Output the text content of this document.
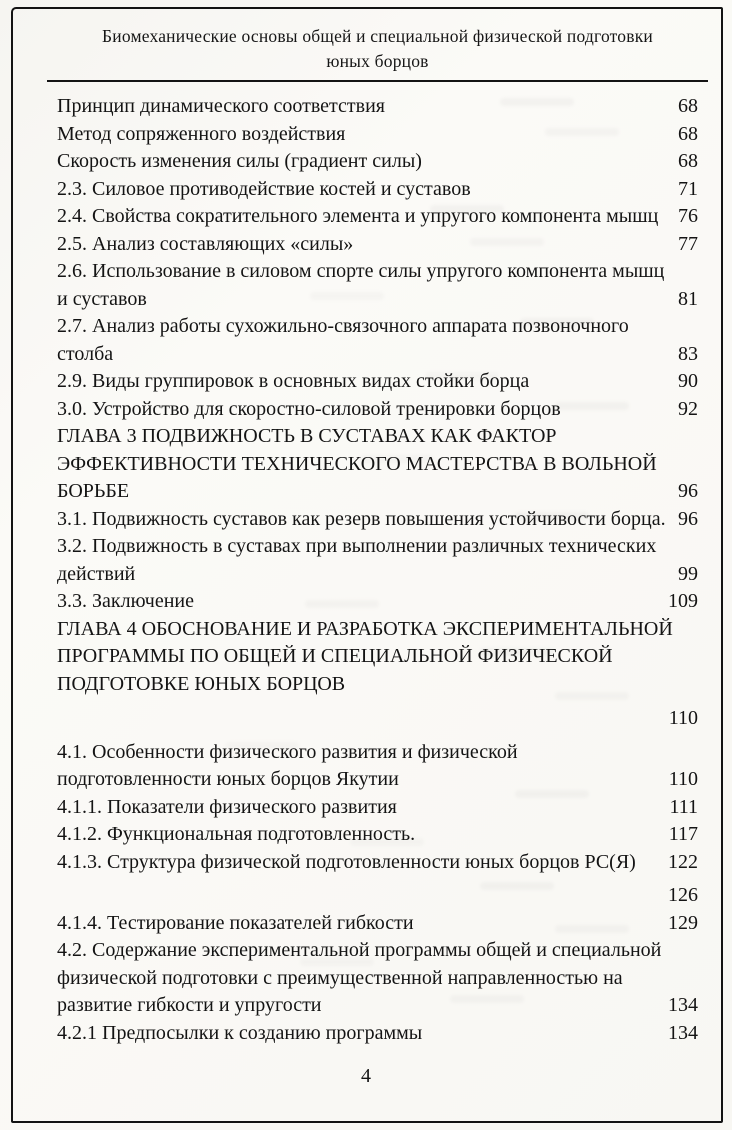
Биомеханические основы общей и специальной физической подготовки
юных борцов
Принцип динамического соответствия	68
Метод сопряженного воздействия	68
Скорость изменения силы (градиент силы)	68
2.3. Силовое противодействие костей и суставов	71
2.4. Свойства сократительного элемента и упругого компонента мышц 76
2.5. Анализ составляющих «силы»	77
2.6. Использование в силовом спорте силы упругого компонента мышц и суставов	81
2.7. Анализ работы сухожильно-связочного аппарата позвоночного столба	83
2.9. Виды группировок в основных видах стойки борца	90
3.0. Устройство для скоростно-силовой тренировки борцов	92
ГЛАВА 3 ПОДВИЖНОСТЬ В СУСТАВАХ КАК ФАКТОР ЭФФЕКТИВНОСТИ ТЕХНИЧЕСКОГО МАСТЕРСТВА В ВОЛЬНОЙ БОРЬБЕ	96
3.1. Подвижность суставов как резерв повышения устойчивости борца. 96
3.2. Подвижность в суставах при выполнении различных технических действий	99
3.3. Заключение	109
ГЛАВА 4 ОБОСНОВАНИЕ И РАЗРАБОТКА ЭКСПЕРИМЕНТАЛЬНОЙ ПРОГРАММЫ ПО ОБЩЕЙ И СПЕЦИАЛЬНОЙ ФИЗИЧЕСКОЙ ПОДГОТОВКЕ ЮНЫХ БОРЦОВ
110
4.1. Особенности физического развития и физической подготовленности юных борцов Якутии	110
4.1.1. Показатели физического развития	111
4.1.2. Функциональная подготовленность.	117
4.1.3. Структура физической подготовленности юных борцов РС(Я)	122
126
4.1.4. Тестирование показателей гибкости	129
4.2. Содержание экспериментальной программы общей и специальной физической подготовки с преимущественной направленностью на развитие гибкости и упругости	134
4.2.1 Предпосылки к созданию программы	134
4
